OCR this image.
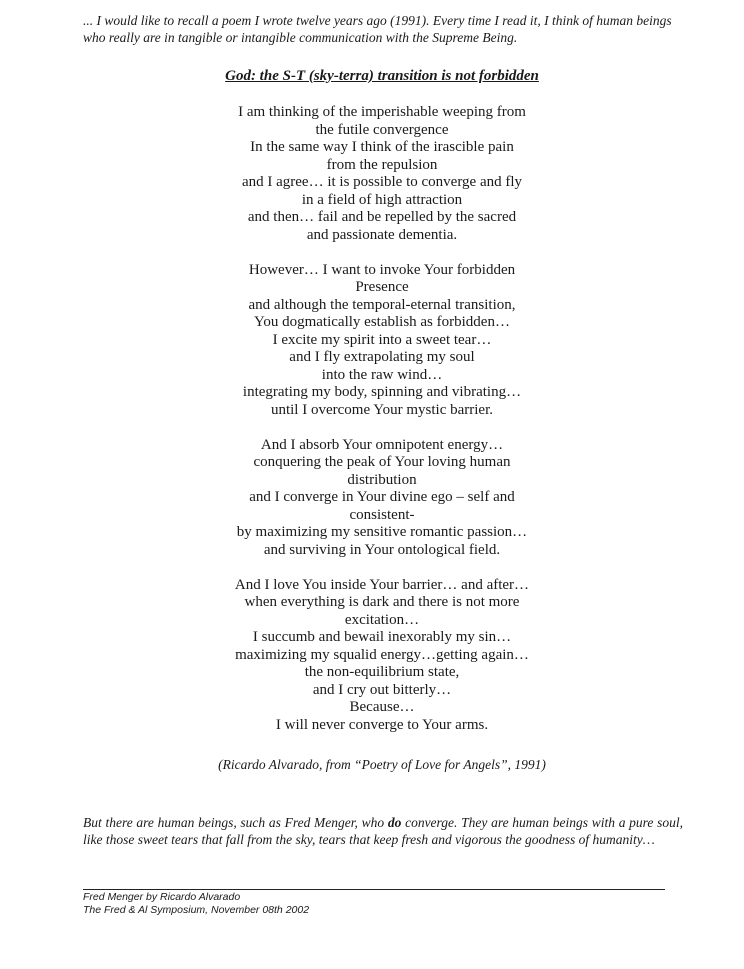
... I would like to recall a poem I wrote twelve years ago (1991). Every time I read it, I think of human beings who really are in tangible or intangible communication with the Supreme Being.

God: the S-T (sky-terra) transition is not forbidden
I am thinking of the imperishable weeping from
the futile convergence
In the same way I think of the irascible pain
from the repulsion
and I agree… it is possible to converge and fly
in a field of high attraction
and then… fail and be repelled by the sacred
and passionate dementia.
However… I want to invoke Your forbidden
Presence
and although the temporal-eternal transition,
You dogmatically establish as forbidden…
I excite my spirit into a sweet tear…
and I fly extrapolating my soul
into the raw wind…
integrating my body, spinning and vibrating…
until I overcome Your mystic barrier.
And I absorb Your omnipotent energy…
conquering the peak of Your loving human
distribution
and I converge in Your divine ego – self and
consistent-
by maximizing my sensitive romantic passion…
and surviving in Your ontological field.
And I love You inside Your barrier… and after…
when everything is dark and there is not more
excitation…
I succumb and bewail inexorably my sin…
maximizing my squalid energy…getting again…
the non-equilibrium state,
and I cry out bitterly…
Because…
I will never converge to Your arms.
(Ricardo Alvarado, from “Poetry of Love for Angels”, 1991)

But there are human beings, such as Fred Menger, who do converge. They are human beings with a pure soul, like those sweet tears that fall from the sky, tears that keep fresh and vigorous the goodness of humanity…

Fred Menger by Ricardo Alvarado
The Fred & Al Symposium, November 08th 2002
